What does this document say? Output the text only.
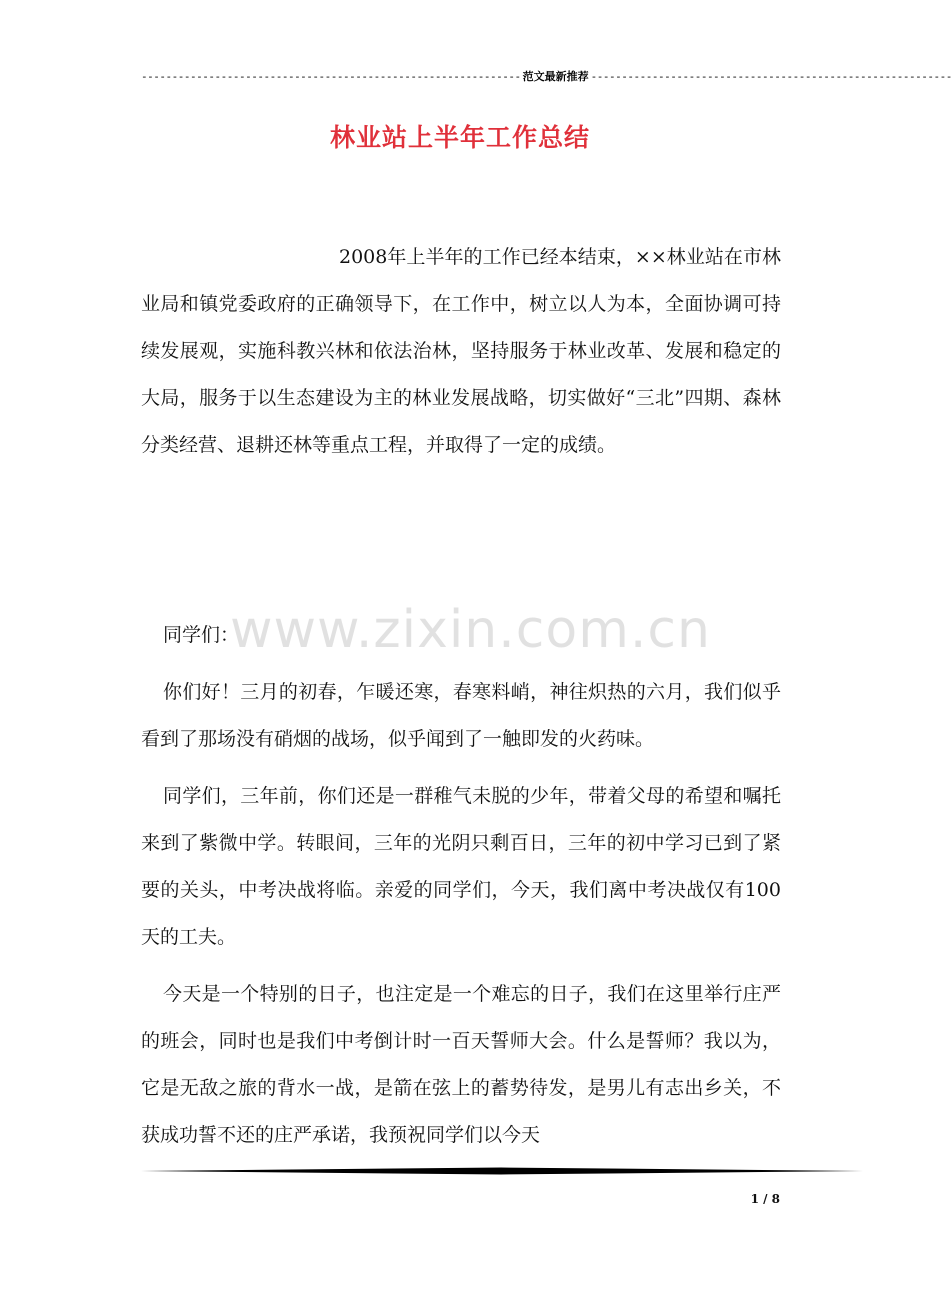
-------------------------------------------------------------- 范文最新推荐 -----------------------------------------------------------
林业站上半年工作总结
2008年上半年的工作已经本结束，××林业站在市林业局和镇党委政府的正确领导下，在工作中，树立以人为本，全面协调可持续发展观，实施科教兴林和依法治林，坚持服务于林业改革、发展和稳定的大局，服务于以生态建设为主的林业发展战略，切实做好“三北”四期、森林分类经营、退耕还林等重点工程，并取得了一定的成绩。
www.zixin.com.cn

同学们：

你们好！三月的初春，乍暖还寒，春寒料峭，神往炽热的六月，我们似乎看到了那场没有硝烟的战场，似乎闻到了一触即发的火药味。

同学们，三年前，你们还是一群稚气未脱的少年，带着父母的希望和嘱托来到了紫微中学。转眼间，三年的光阴只剩百日，三年的初中学习已到了紧要的关头，中考决战将临。亲爱的同学们，今天，我们离中考决战仅有100天的工夫。

今天是一个特别的日子，也注定是一个难忘的日子，我们在这里举行庄严的班会，同时也是我们中考倒计时一百天誓师大会。什么是誓师？我以为，它是无敌之旅的背水一战，是箭在弦上的蓄势待发，是男儿有志出乡关，不获成功誓不还的庄严承诺，我预祝同学们以今天

1 / 8
